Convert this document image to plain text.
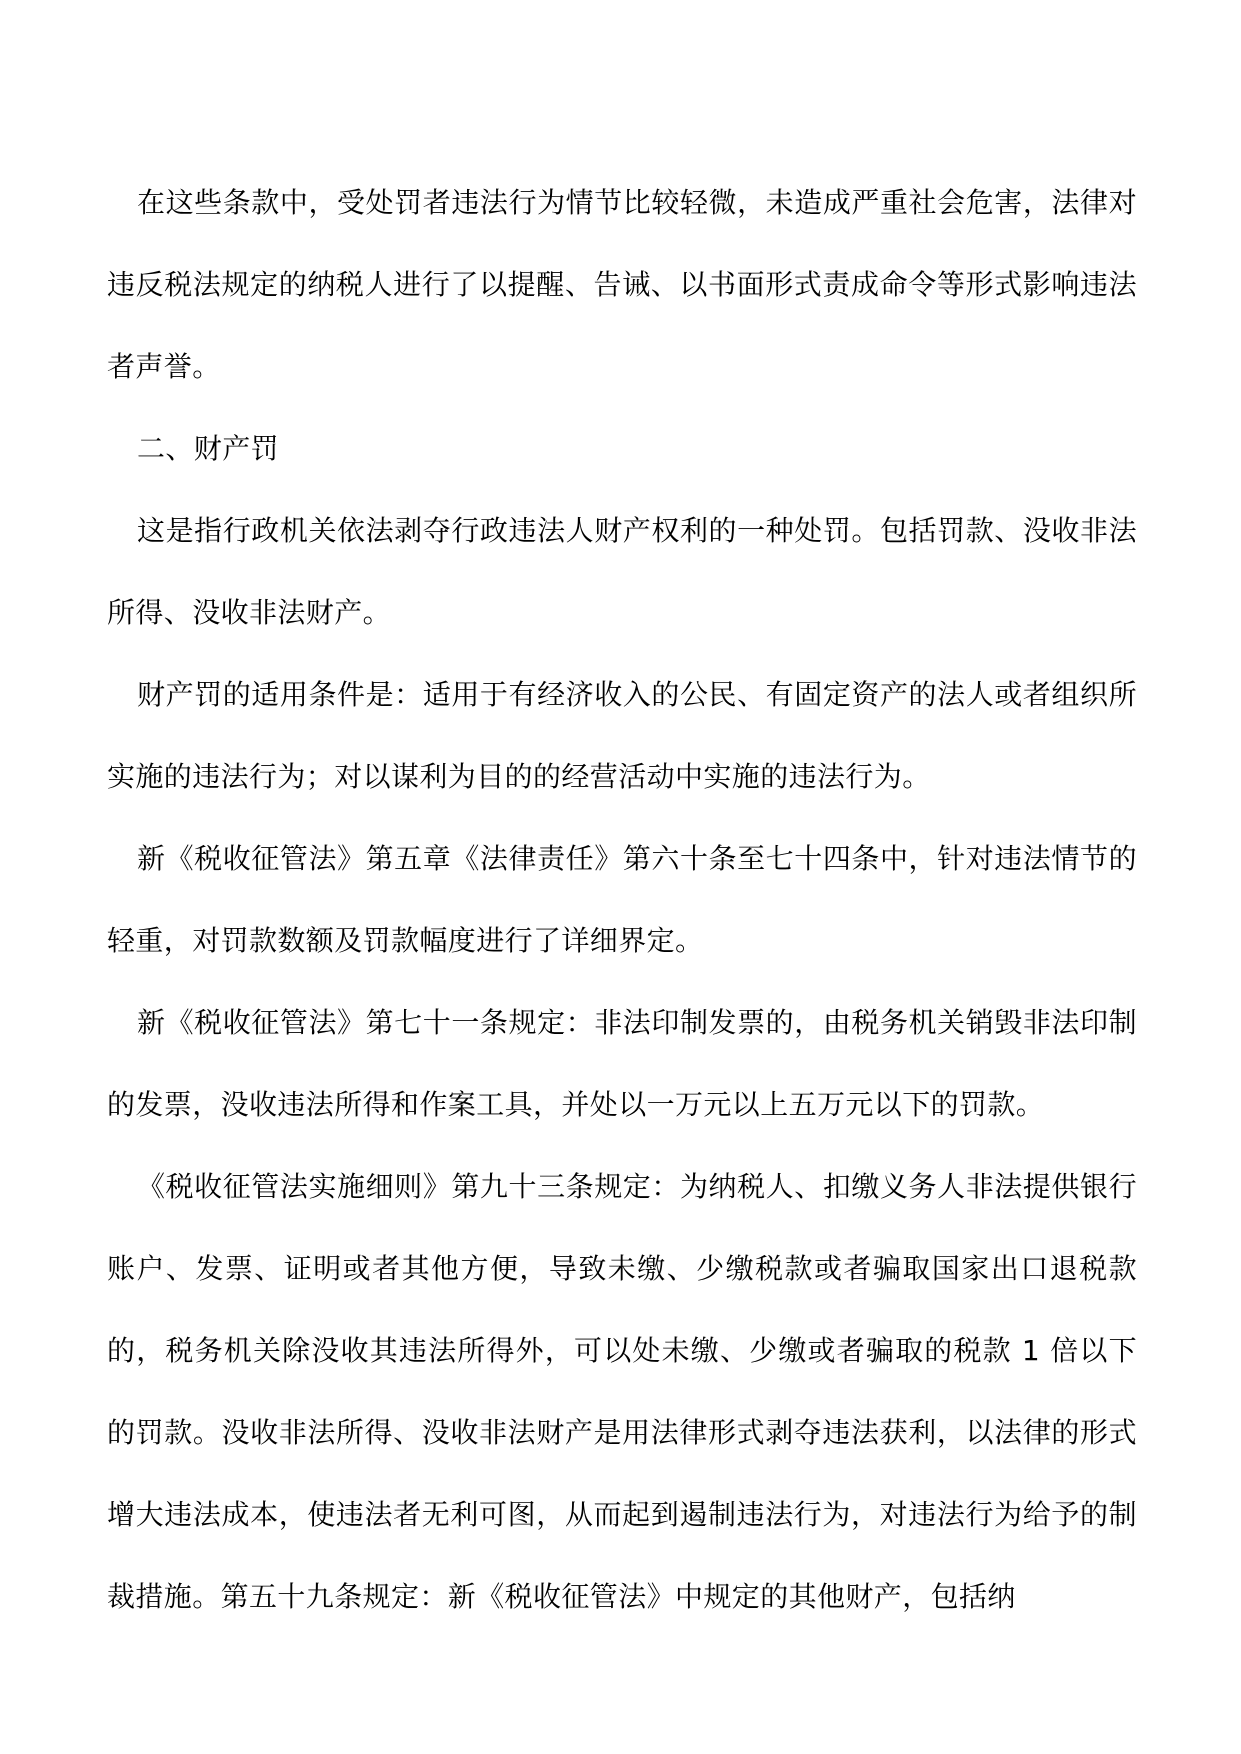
在这些条款中，受处罚者违法行为情节比较轻微，未造成严重社会危害，法律对违反税法规定的纳税人进行了以提醒、告诫、以书面形式责成命令等形式影响违法者声誉。

二、财产罚

这是指行政机关依法剥夺行政违法人财产权利的一种处罚。包括罚款、没收非法所得、没收非法财产。

财产罚的适用条件是：适用于有经济收入的公民、有固定资产的法人或者组织所实施的违法行为；对以谋利为目的的经营活动中实施的违法行为。

新《税收征管法》第五章《法律责任》第六十条至七十四条中，针对违法情节的轻重，对罚款数额及罚款幅度进行了详细界定。

新《税收征管法》第七十一条规定：非法印制发票的，由税务机关销毁非法印制的发票，没收违法所得和作案工具，并处以一万元以上五万元以下的罚款。

《税收征管法实施细则》第九十三条规定：为纳税人、扣缴义务人非法提供银行账户、发票、证明或者其他方便，导致未缴、少缴税款或者骗取国家出口退税款的，税务机关除没收其违法所得外，可以处未缴、少缴或者骗取的税款 1 倍以下的罚款。没收非法所得、没收非法财产是用法律形式剥夺违法获利，以法律的形式增大违法成本，使违法者无利可图，从而起到遏制违法行为，对违法行为给予的制裁措施。第五十九条规定：新《税收征管法》中规定的其他财产，包括纳
